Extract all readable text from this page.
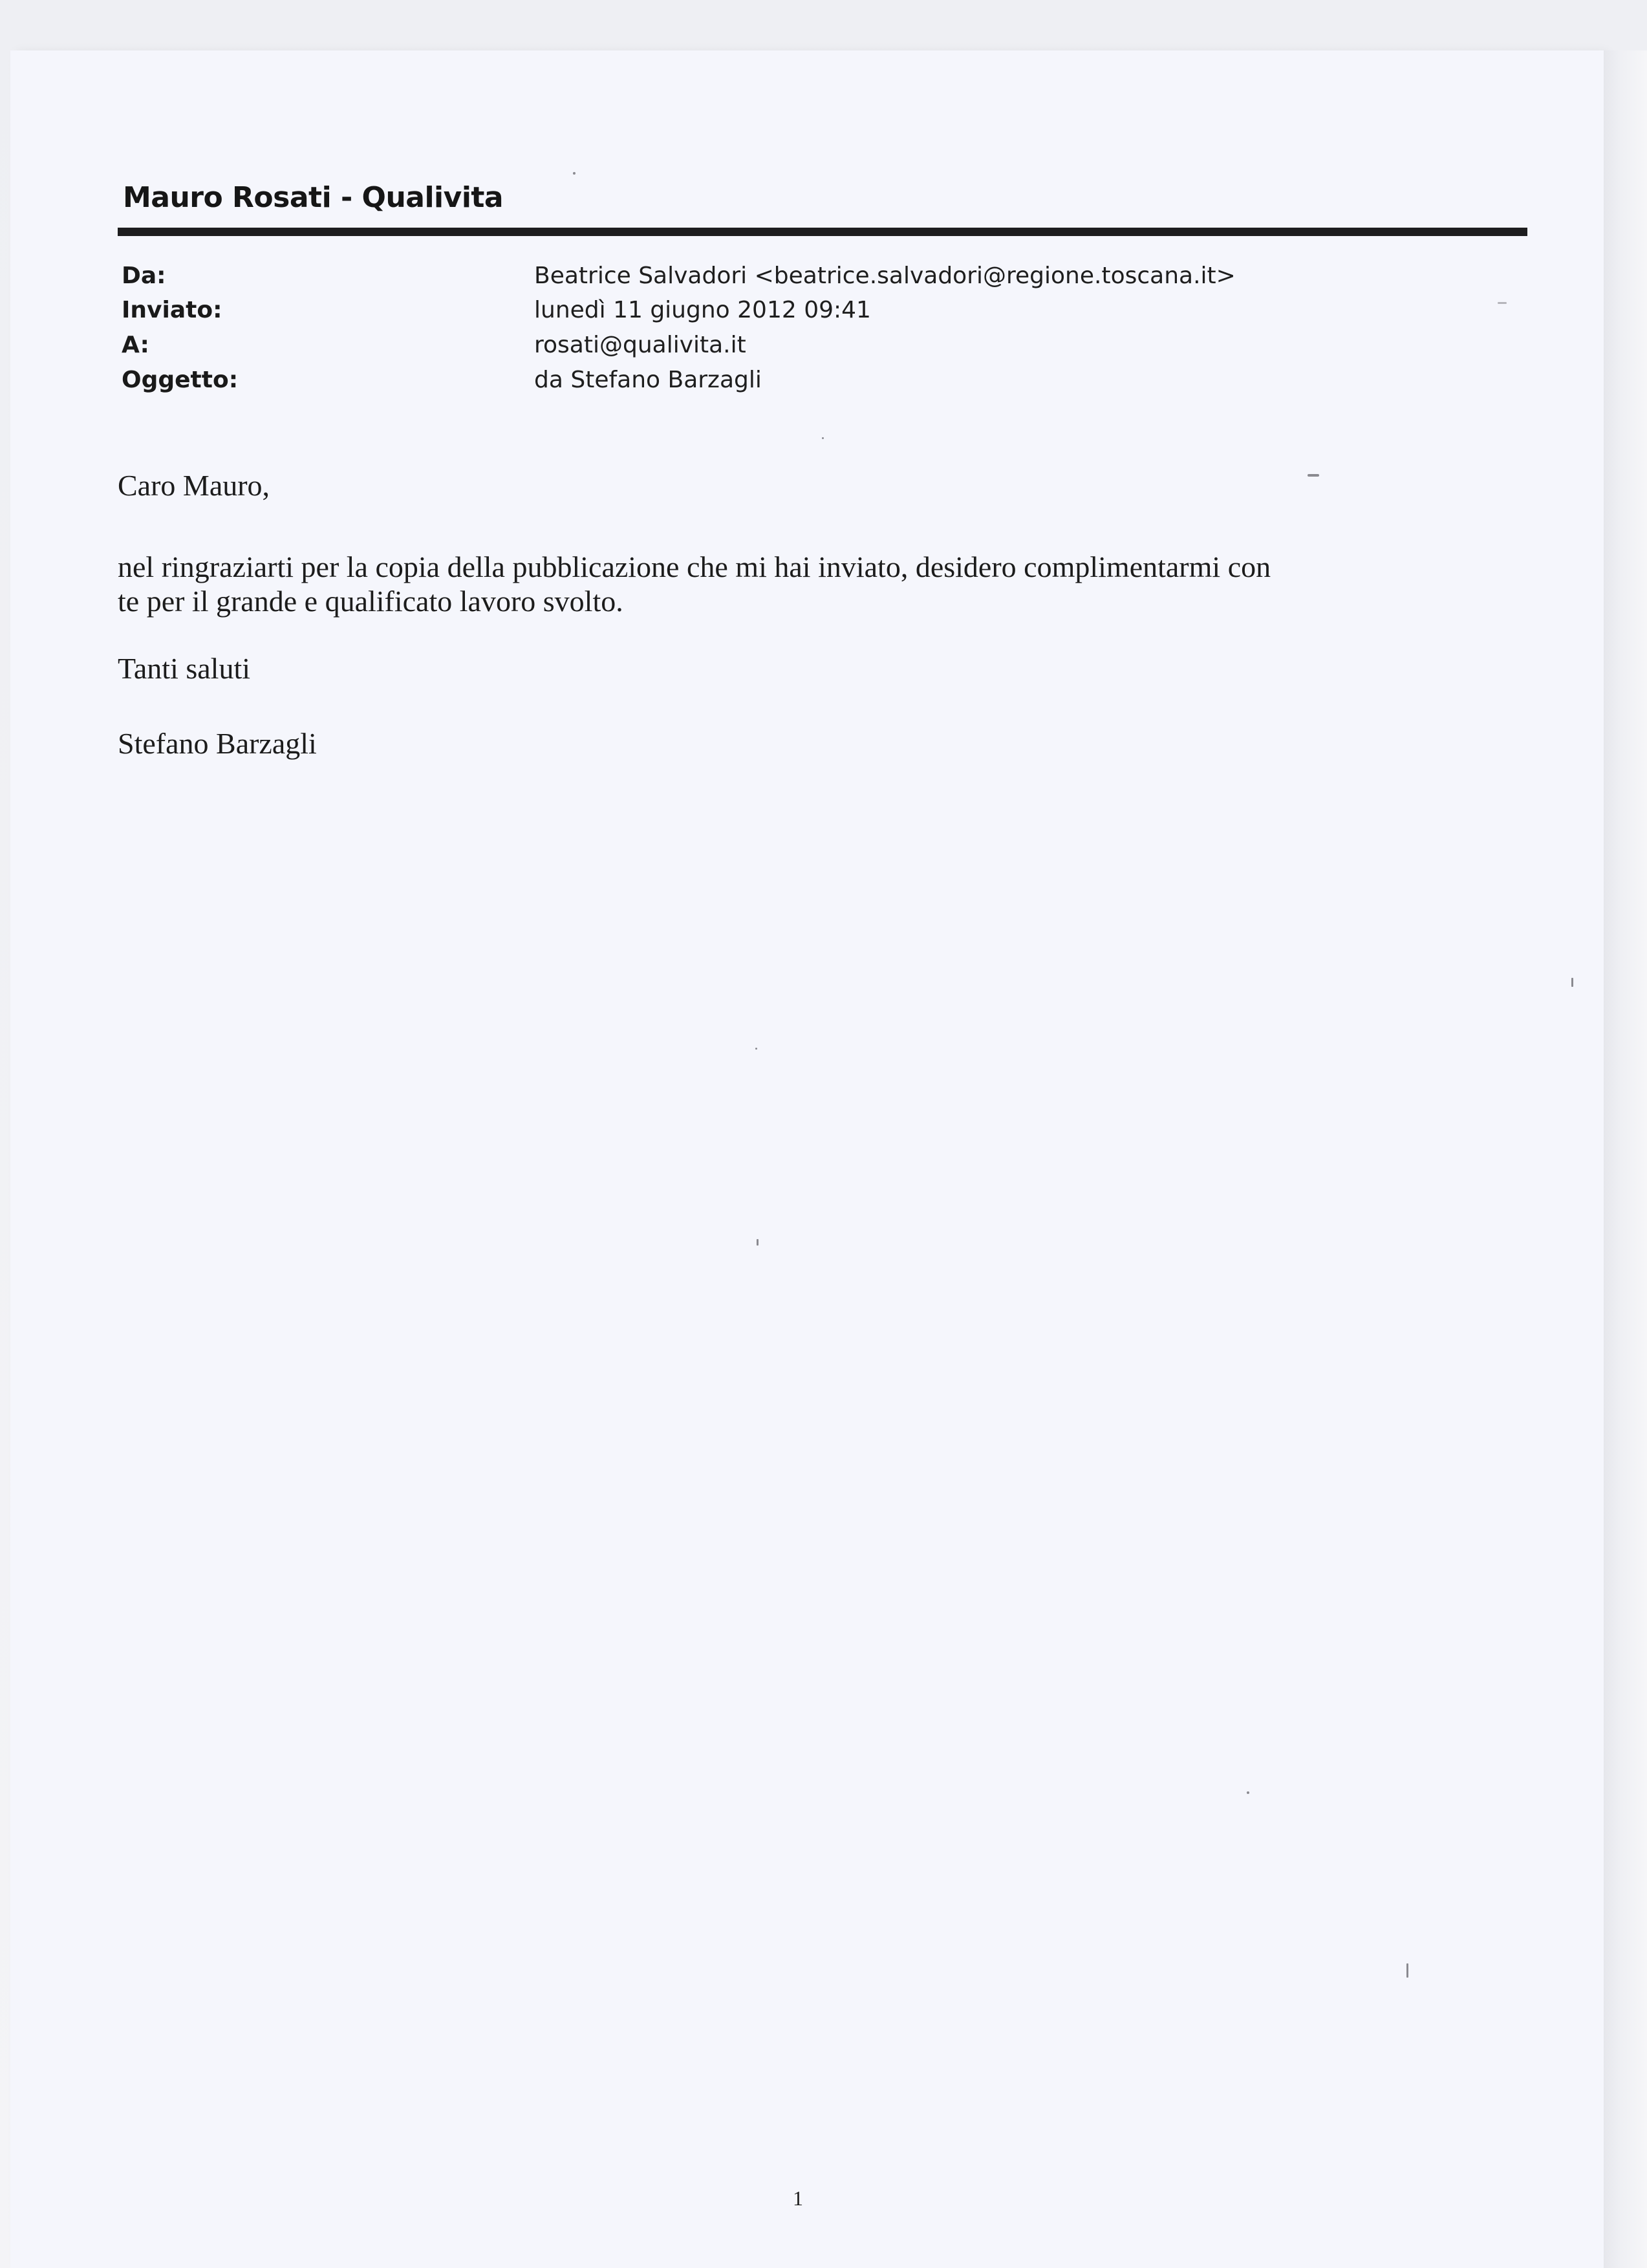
Mauro Rosati - Qualivita
Da:	Beatrice Salvadori <beatrice.salvadori@regione.toscana.it>
Inviato:	lunedì 11 giugno 2012 09:41
A:	rosati@qualivita.it
Oggetto:	da Stefano Barzagli
Caro Mauro,
nel ringraziarti per la copia della pubblicazione che mi hai inviato, desidero complimentarmi con
te per il grande e qualificato lavoro svolto.
Tanti saluti
Stefano Barzagli
1
